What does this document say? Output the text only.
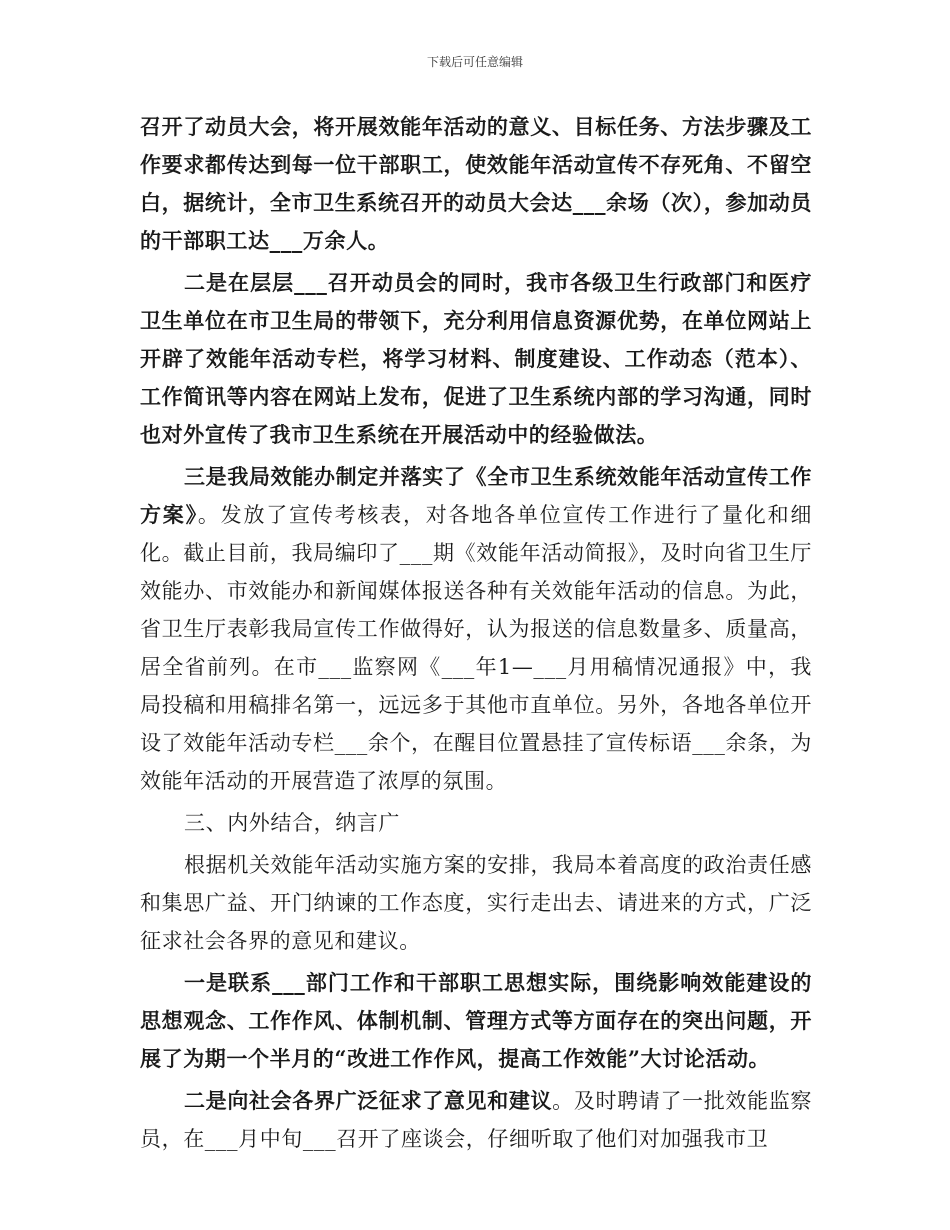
下载后可任意编辑

召开了动员大会，将开展效能年活动的意义、目标任务、方法步骤及工作要求都传达到每一位干部职工，使效能年活动宣传不存死角、不留空白，据统计，全市卫生系统召开的动员大会达___余场（次），参加动员的干部职工达___万余人。

二是在层层___召开动员会的同时，我市各级卫生行政部门和医疗卫生单位在市卫生局的带领下，充分利用信息资源优势，在单位网站上开辟了效能年活动专栏，将学习材料、制度建设、工作动态（范本）、工作简讯等内容在网站上发布，促进了卫生系统内部的学习沟通，同时也对外宣传了我市卫生系统在开展活动中的经验做法。

三是我局效能办制定并落实了《全市卫生系统效能年活动宣传工作方案》。发放了宣传考核表，对各地各单位宣传工作进行了量化和细化。截止目前，我局编印了___期《效能年活动简报》，及时向省卫生厅效能办、市效能办和新闻媒体报送各种有关效能年活动的信息。为此，省卫生厅表彰我局宣传工作做得好，认为报送的信息数量多、质量高，居全省前列。在市___监察网《___年1—___月用稿情况通报》中，我局投稿和用稿排名第一，远远多于其他市直单位。另外，各地各单位开设了效能年活动专栏___余个，在醒目位置悬挂了宣传标语___余条，为效能年活动的开展营造了浓厚的氛围。

三、内外结合，纳言广

根据机关效能年活动实施方案的安排，我局本着高度的政治责任感和集思广益、开门纳谏的工作态度，实行走出去、请进来的方式，广泛征求社会各界的意见和建议。

一是联系___部门工作和干部职工思想实际，围绕影响效能建设的思想观念、工作作风、体制机制、管理方式等方面存在的突出问题，开展了为期一个半月的“改进工作作风，提高工作效能”大讨论活动。

二是向社会各界广泛征求了意见和建议。及时聘请了一批效能监察员，在___月中旬___召开了座谈会，仔细听取了他们对加强我市卫
